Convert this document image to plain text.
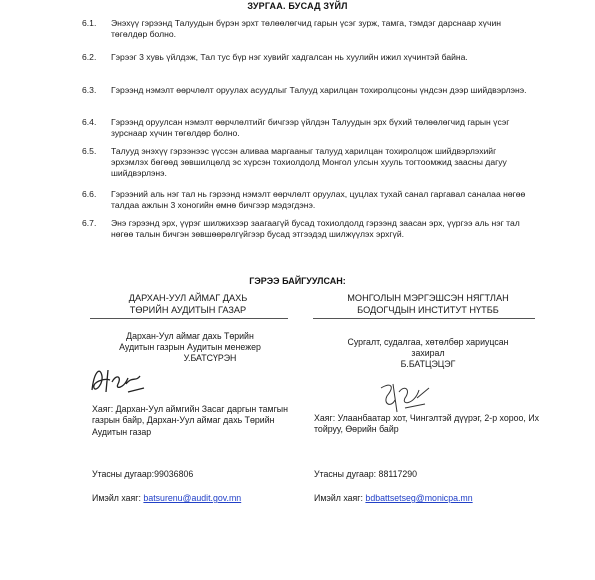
ЗУРГАА. БУСАД ЗҮЙЛ
6.1.	Энэхүү гэрээнд Талуудын бүрэн эрхт төлөөлөгчид гарын үсэг зурж, тамга, тэмдэг дарснаар хүчин төгөлдөр болно.
6.2.	Гэрээг 3 хувь үйлдэж, Тал тус бүр нэг хувийг хадгалсан нь хуулийн ижил хүчинтэй байна.
6.3.	Гэрээнд нэмэлт өөрчлөлт оруулах асуудлыг Талууд харилцан тохиролцсоны үндсэн дээр шийдвэрлэнэ.
6.4.	Гэрээнд оруулсан нэмэлт өөрчлөлтийг бичгээр үйлдэн Талуудын эрх бүхий төлөөлөгчид гарын үсэг зурснаар хүчин төгөлдөр болно.
6.5.	Талууд энэхүү гэрээнээс үүссэн аливаа маргааныг талууд харилцан тохиролцож шийдвэрлэхийг эрхэмлэх бөгөөд зөвшилцөлд эс хүрсэн тохиолдолд Монгол улсын хууль тогтоомжид заасны дагуу шийдвэрлэнэ.
6.6.	Гэрээний аль нэг тал нь гэрээнд нэмэлт өөрчлөлт оруулах, цуцлах тухай санал гаргавал саналаа нөгөө талдаа ажлын 3 хоногийн өмнө бичгээр мэдэгдэнэ.
6.7.	Энэ гэрээнд эрх, үүрэг шилжихээр заагаагүй бусад тохиолдолд гэрээнд заасан эрх, үүргээ аль нэг тал нөгөө талын бичгэн зөвшөөрөлгүйгээр бусад этгээдэд шилжүүлэх эрхгүй.
ГЭРЭЭ БАЙГУУЛСАН:
ДАРХАН-УУЛ АЙМАГ ДАХЬ
ТӨРИЙН АУДИТЫН ГАЗАР
МОНГОЛЫН МЭРГЭШСЭН НЯГТЛАН
БОДОГЧДЫН ИНСТИТУТ НҮТББ
Дархан-Уул аймаг дахь Төрийн
Аудитын газрын Аудитын менежер
У.БАТСҮРЭН
Сургалт, судалгаа, хөтөлбөр хариуцсан
захирал
Б.БАТЦЭЦЭГ
Хаяг: Дархан-Уул аймгийн Засаг даргын тамгын газрын байр, Дархан-Уул аймаг дахь Төрийн Аудитын газар
Хаяг: Улаанбаатар хот, Чингэлтэй дүүрэг, 2-р хороо, Их тойруу, Өөрийн байр
Утасны дугаар:99036806	Утасны дугаар: 88117290
Имэйл хаяг: batsurenu@audit.gov.mn	Имэйл хаяг: bdbattsetseg@monicpa.mn
